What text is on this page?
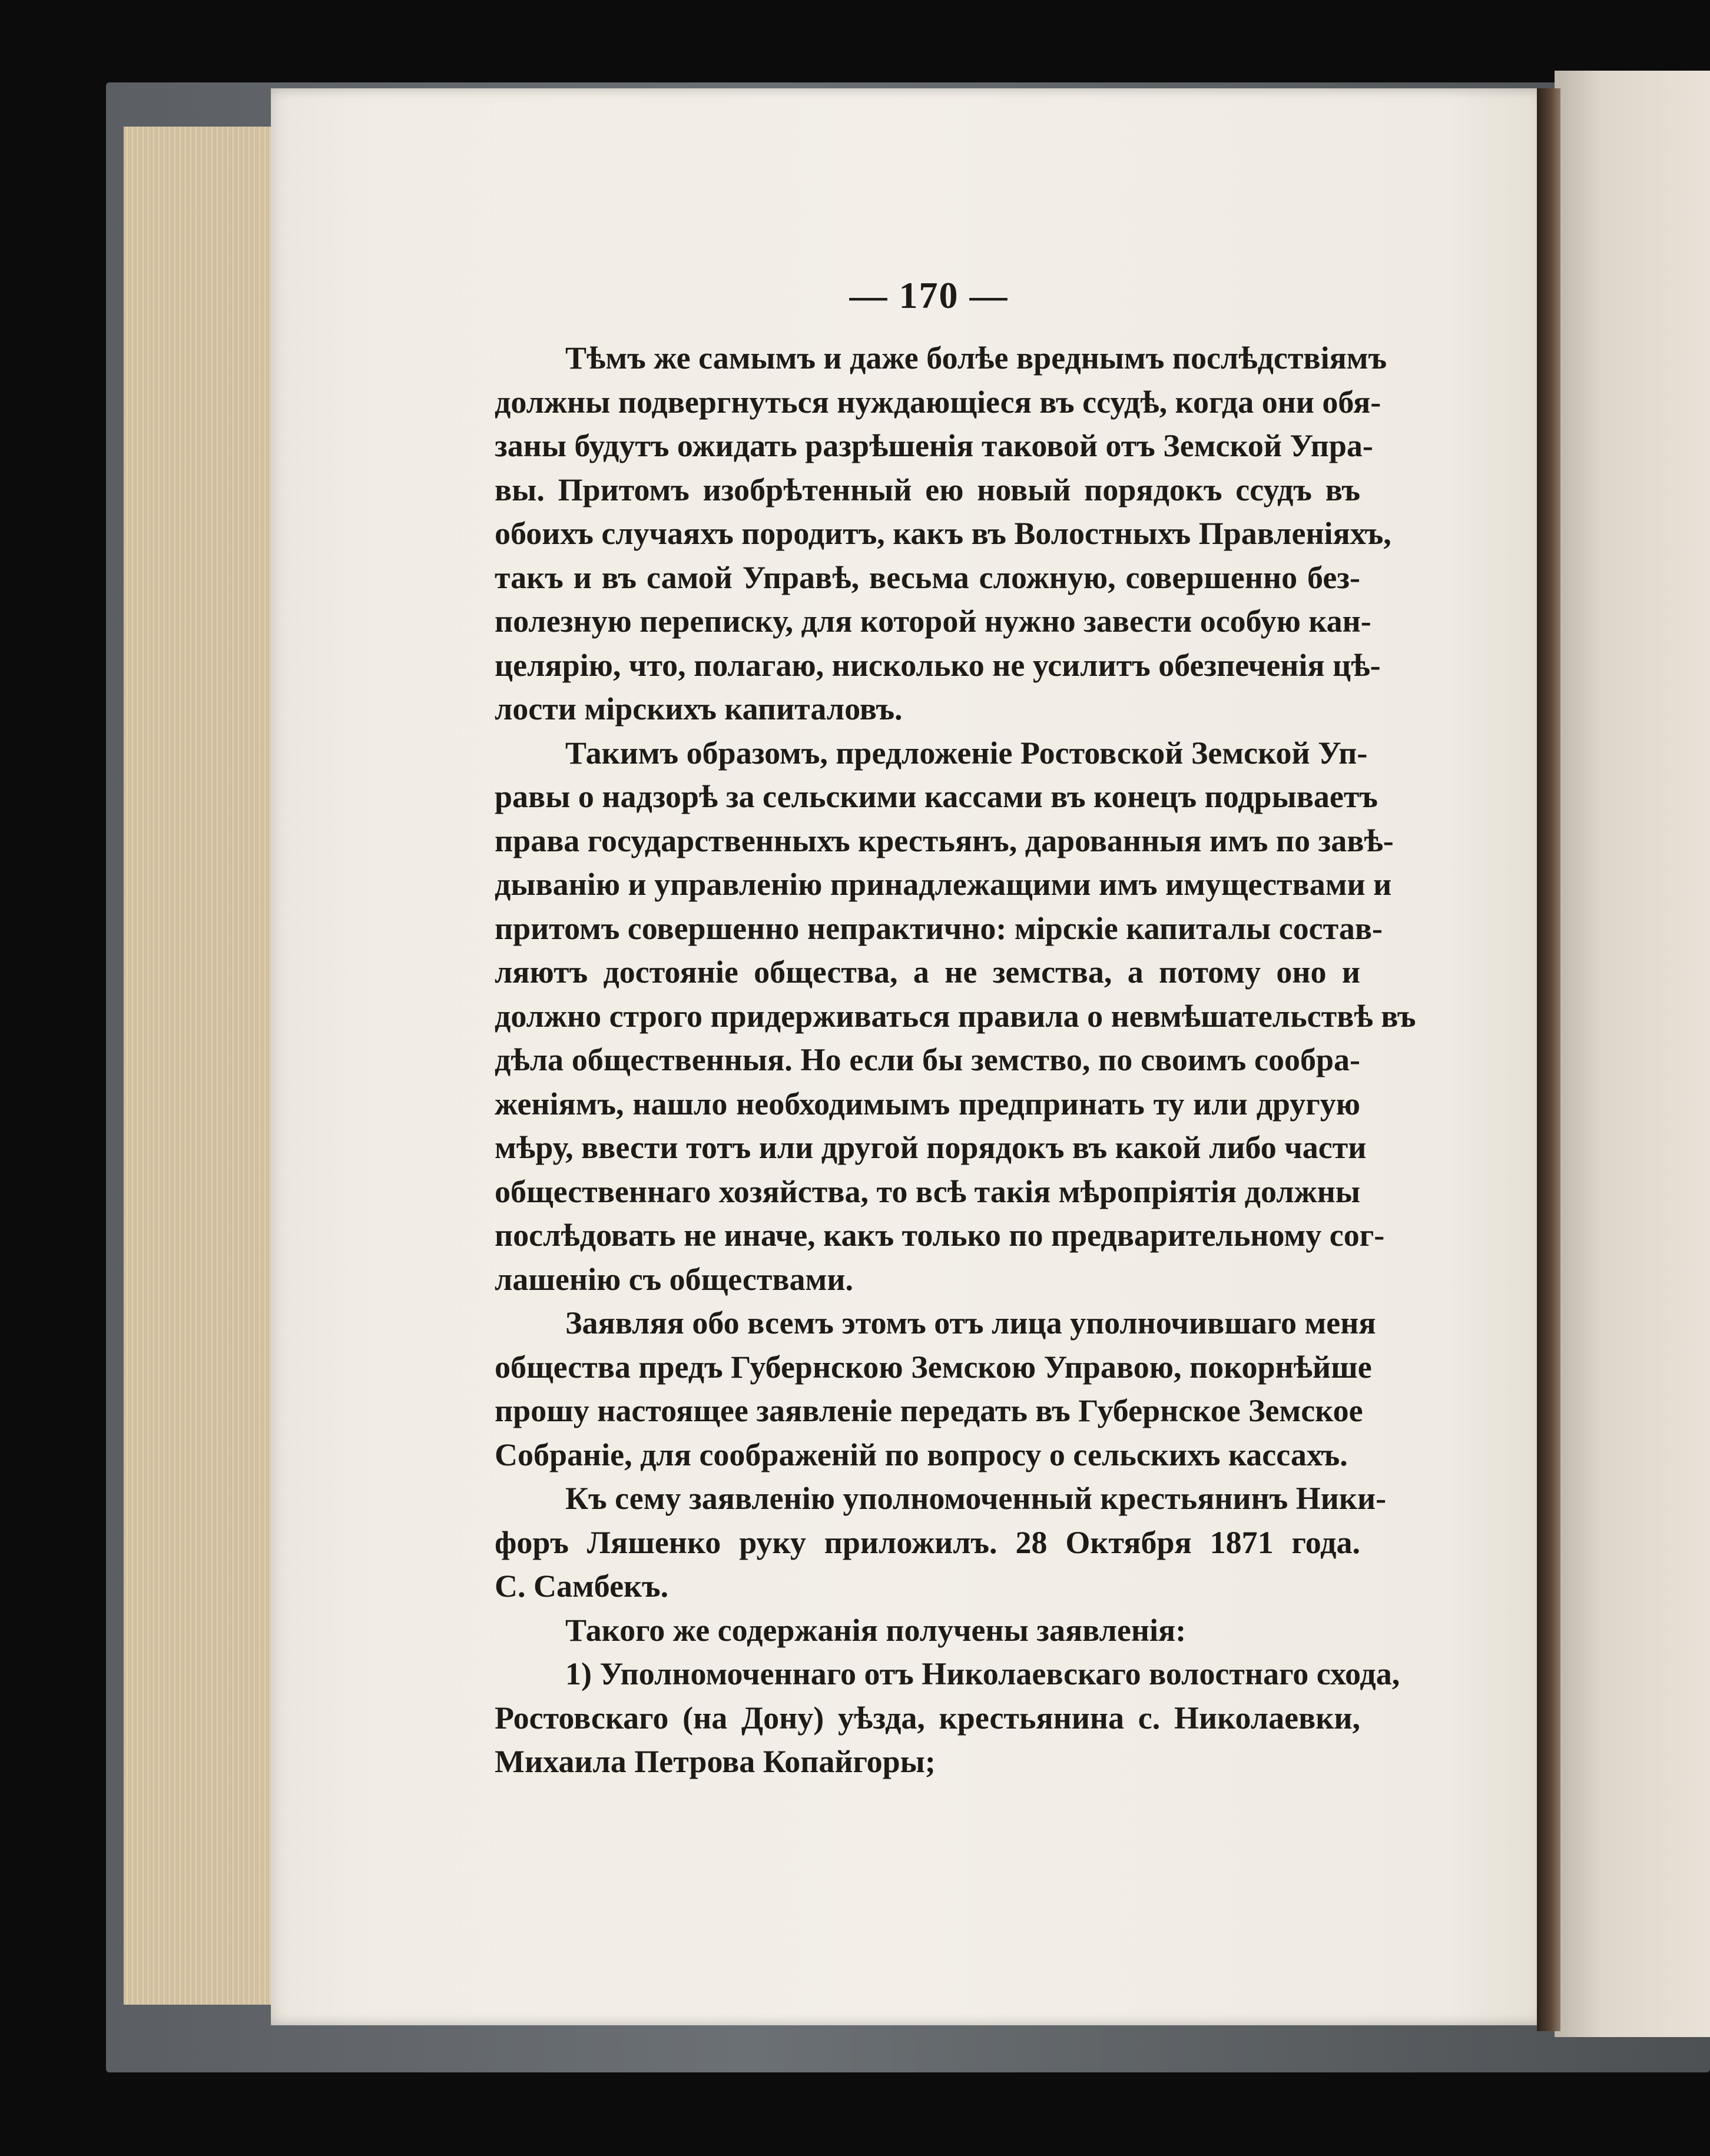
— 170 —
Тѣмъ же самымъ и даже болѣе вреднымъ послѣдствіямъ
должны подвергнуться нуждающіеся въ ссудѣ, когда они обя-
заны будутъ ожидать разрѣшенія таковой отъ Земской Упра-
вы. Притомъ изобрѣтенный ею новый порядокъ ссудъ въ
обоихъ случаяхъ породитъ, какъ въ Волостныхъ Правленіяхъ,
такъ и въ самой Управѣ, весьма сложную, совершенно без-
полезную переписку, для которой нужно завести особую кан-
целярію, что, полагаю, нисколько не усилитъ обезпеченія цѣ-
лости мірскихъ капиталовъ.
Такимъ образомъ, предложеніе Ростовской Земской Уп-
равы о надзорѣ за сельскими кассами въ конецъ подрываетъ
права государственныхъ крестьянъ, дарованныя имъ по завѣ-
дыванію и управленію принадлежащими имъ имуществами и
притомъ совершенно непрактично: мірскіе капиталы состав-
ляютъ достояніе общества, а не земства, а потому оно и
должно строго придерживаться правила о невмѣшательствѣ въ
дѣла общественныя. Но если бы земство, по своимъ сообра-
женіямъ, нашло необходимымъ предпринать ту или другую
мѣру, ввести тотъ или другой порядокъ въ какой либо части
общественнаго хозяйства, то всѣ такія мѣропріятія должны
послѣдовать не иначе, какъ только по предварительному сог-
лашенію съ обществами.
Заявляя обо всемъ этомъ отъ лица уполночившаго меня
общества предъ Губернскою Земскою Управою, покорнѣйше
прошу настоящее заявленіе передать въ Губернское Земское
Собраніе, для соображеній по вопросу о сельскихъ кассахъ.
Къ сему заявленію уполномоченный крестьянинъ Ники-
форъ Ляшенко руку приложилъ. 28 Октября 1871 года.
С. Самбекъ.
Такого же содержанія получены заявленія:
1) Уполномоченнаго отъ Николаевскаго волостнаго схода,
Ростовскаго (на Дону) уѣзда, крестьянина с. Николаевки,
Михаила Петрова Копайгоры;
